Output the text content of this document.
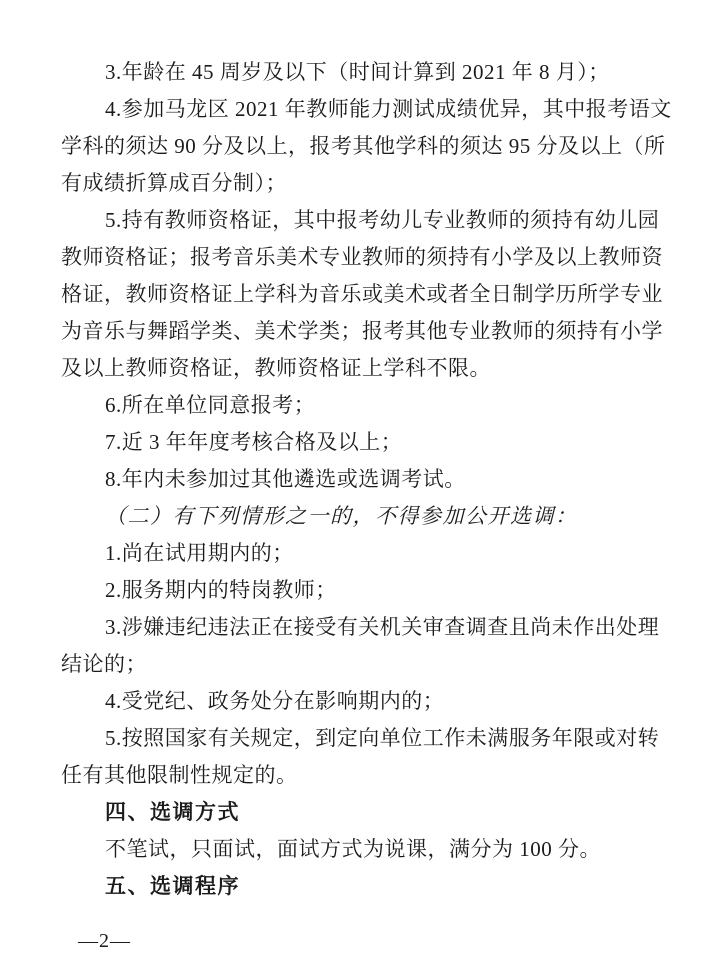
3.年龄在 45 周岁及以下（时间计算到 2021 年 8 月）；
4.参加马龙区 2021 年教师能力测试成绩优异，其中报考语文
学科的须达 90 分及以上，报考其他学科的须达 95 分及以上（所
有成绩折算成百分制）；
5.持有教师资格证，其中报考幼儿专业教师的须持有幼儿园
教师资格证；报考音乐美术专业教师的须持有小学及以上教师资
格证，教师资格证上学科为音乐或美术或者全日制学历所学专业
为音乐与舞蹈学类、美术学类；报考其他专业教师的须持有小学
及以上教师资格证，教师资格证上学科不限。
6.所在单位同意报考；
7.近 3 年年度考核合格及以上；
8.年内未参加过其他遴选或选调考试。
（二）有下列情形之一的，不得参加公开选调：
1.尚在试用期内的；
2.服务期内的特岗教师；
3.涉嫌违纪违法正在接受有关机关审查调查且尚未作出处理
结论的；
4.受党纪、政务处分在影响期内的；
5.按照国家有关规定，到定向单位工作未满服务年限或对转
任有其他限制性规定的。
四、选调方式
不笔试，只面试，面试方式为说课，满分为 100 分。
五、选调程序
—2—
